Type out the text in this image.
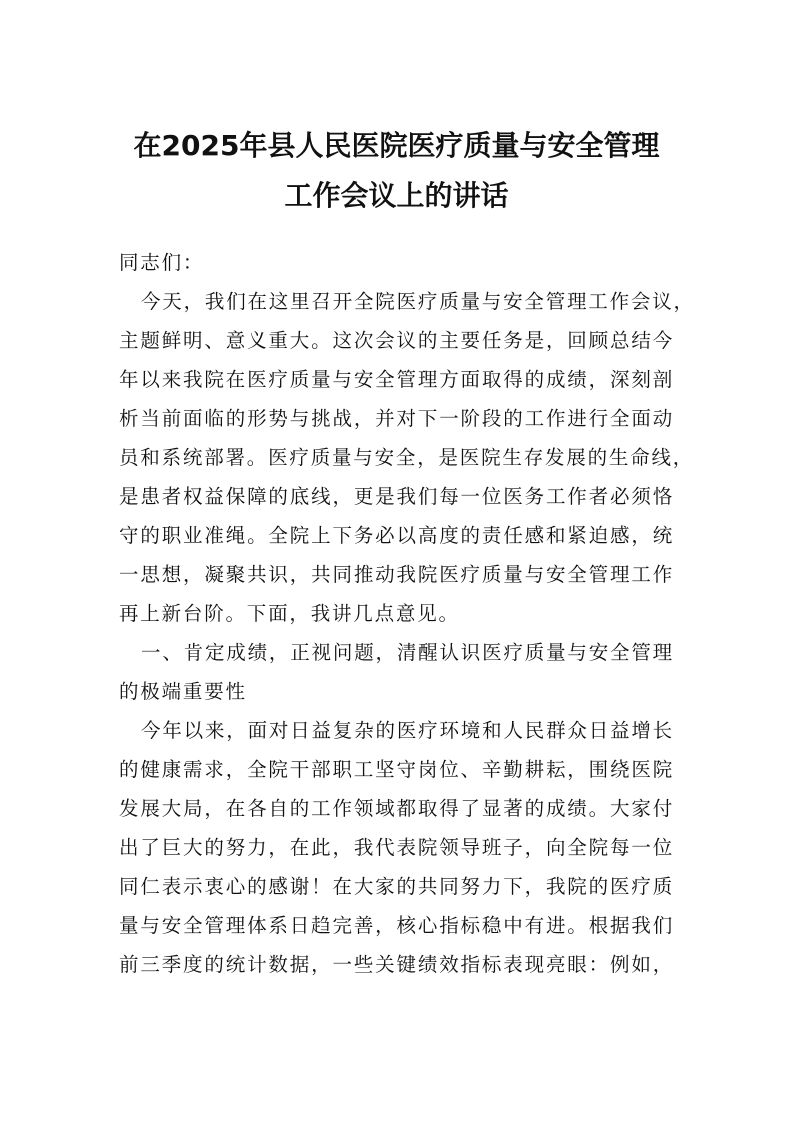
在2025年县人民医院医疗质量与安全管理
工作会议上的讲话
同志们：
今天，我们在这里召开全院医疗质量与安全管理工作会议，
主题鲜明、意义重大。这次会议的主要任务是，回顾总结今
年以来我院在医疗质量与安全管理方面取得的成绩，深刻剖
析当前面临的形势与挑战，并对下一阶段的工作进行全面动
员和系统部署。医疗质量与安全，是医院生存发展的生命线，
是患者权益保障的底线，更是我们每一位医务工作者必须恪
守的职业准绳。全院上下务必以高度的责任感和紧迫感，统
一思想，凝聚共识，共同推动我院医疗质量与安全管理工作
再上新台阶。下面，我讲几点意见。
一、肯定成绩，正视问题，清醒认识医疗质量与安全管理
的极端重要性
今年以来，面对日益复杂的医疗环境和人民群众日益增长
的健康需求，全院干部职工坚守岗位、辛勤耕耘，围绕医院
发展大局，在各自的工作领域都取得了显著的成绩。大家付
出了巨大的努力，在此，我代表院领导班子，向全院每一位
同仁表示衷心的感谢！在大家的共同努力下，我院的医疗质
量与安全管理体系日趋完善，核心指标稳中有进。根据我们
前三季度的统计数据，一些关键绩效指标表现亮眼：例如，
